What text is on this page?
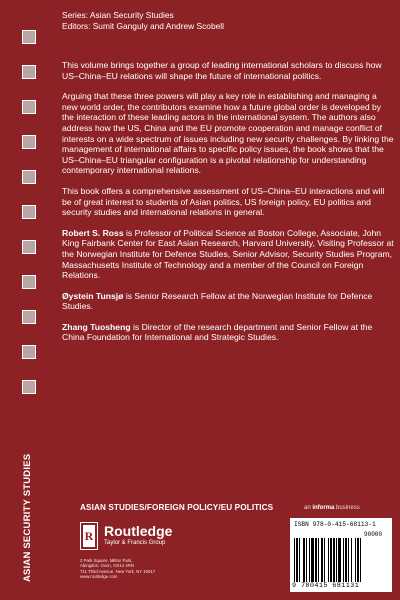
ASIAN SECURITY STUDIES
Series: Asian Security Studies
Editors: Sumit Ganguly and Andrew Scobell

This volume brings together a group of leading international scholars to discuss how US–China–EU relations will shape the future of international politics.

Arguing that these three powers will play a key role in establishing and managing a new world order, the contributors examine how a future global order is developed by the interaction of these leading actors in the international system. The authors also address how the US, China and the EU promote cooperation and manage conflict of interests on a wide spectrum of issues including new security challenges. By linking the management of international affairs to specific policy issues, the book shows that the US–China–EU triangular configuration is a pivotal relationship for understanding contemporary international relations.

This book offers a comprehensive assessment of US–China–EU interactions and will be of great interest to students of Asian politics, US foreign policy, EU politics and security studies and international relations in general.

Robert S. Ross is Professor of Political Science at Boston College, Associate, John King Fairbank Center for East Asian Research, Harvard University, Visiting Professor at the Norwegian Institute for Defence Studies, Senior Advisor, Security Studies Program, Massachusetts Institute of Technology and a member of the Council on Foreign Relations.

Øystein Tunsjø is Senior Research Fellow at the Norwegian Institute for Defence Studies.

Zhang Tuosheng is Director of the research department and Senior Fellow at the China Foundation for International and Strategic Studies.

ASIAN STUDIES/FOREIGN POLICY/EU POLITICS	an informa business
R Routledge
Taylor & Francis Group
2 Park Square, Milton Park,
Abingdon, Oxon, OX14 4RN
711 Third Avenue, New York, NY 10017
www.routledge.com
ISBN 978-0-415-68113-1
90000
9 780415 681131
